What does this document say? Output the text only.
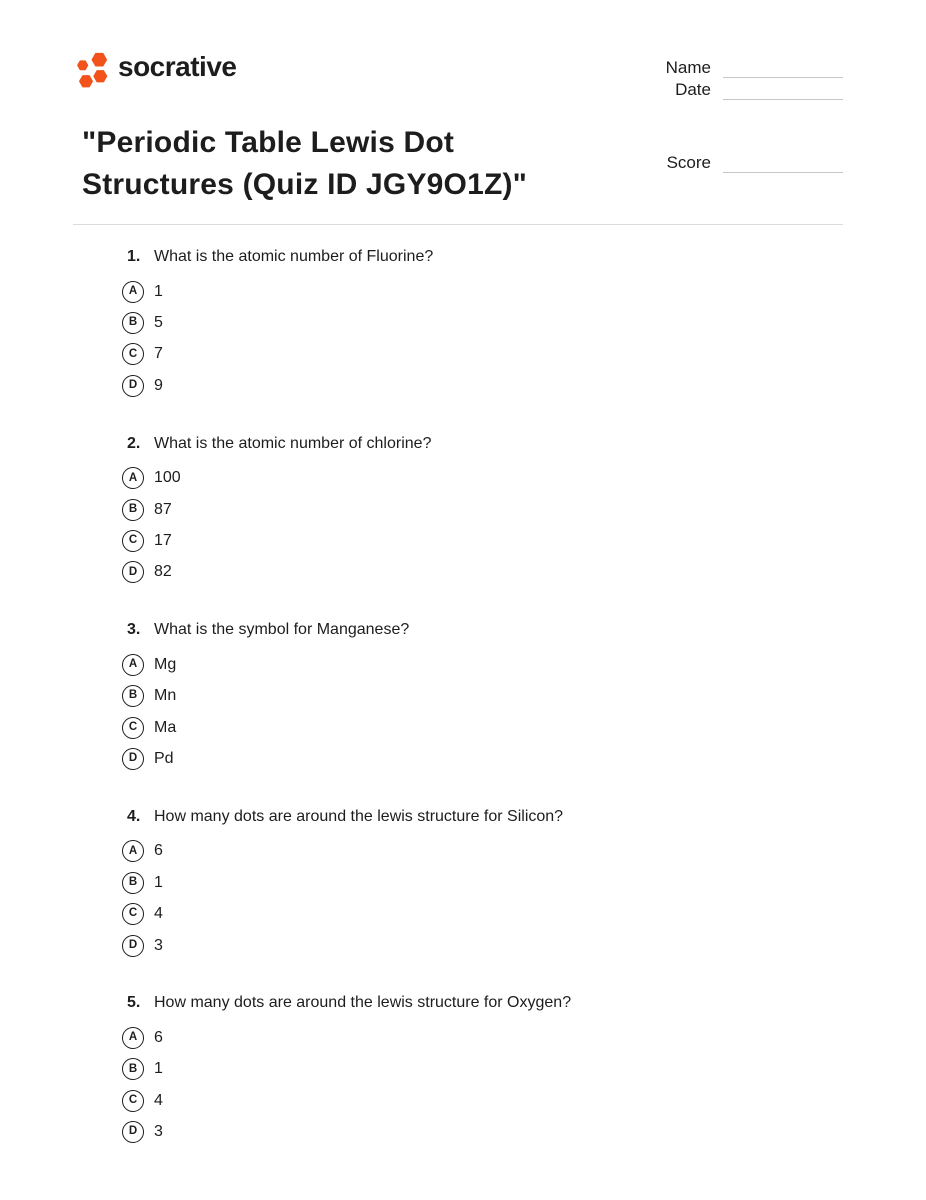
socrative	Name
Date
Score
"Periodic Table Lewis Dot Structures (Quiz ID JGY9O1Z)"
1. What is the atomic number of Fluorine?
A 1
B 5
C 7
D 9
2. What is the atomic number of chlorine?
A 100
B 87
C 17
D 82
3. What is the symbol for Manganese?
A Mg
B Mn
C Ma
D Pd
4. How many dots are around the lewis structure for Silicon?
A 6
B 1
C 4
D 3
5. How many dots are around the lewis structure for Oxygen?
A 6
B 1
C 4
D 3
